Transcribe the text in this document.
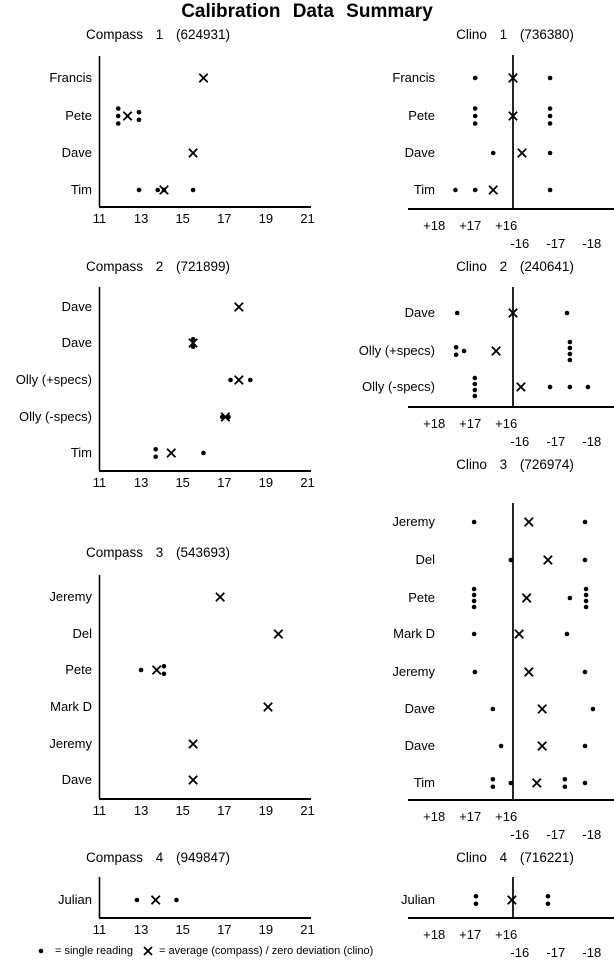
Calibration Data Summary
Compass 1 (624931)
11	13	15	17	19	21
Francis
Pete
Dave
Tim
Clino 1 (736380)
+18	+17	+16
-16	-17	-18
Francis
Pete
Dave
Tim
Compass 2 (721899)
11	13	15	17	19	21
Dave
Dave
Olly (+specs)
Olly (-specs)
Tim
Clino 2 (240641)
+18	+17	+16
-16	-17	-18
Dave
Olly (+specs)
Olly (-specs)
Compass 3 (543693)
11	13	15	17	19	21
Jeremy
Del
Pete
Mark D
Jeremy
Dave
Clino 3 (726974)
+18	+17	+16
-16	-17	-18
Jeremy
Del
Pete
Mark D
Jeremy
Dave
Dave
Tim
Compass 4 (949847)
11	13	15	17	19	21
Julian
Clino 4 (716221)
+18	+17	+16
-16	-17	-18
Julian
= single reading = average (compass) / zero deviation (clino)
